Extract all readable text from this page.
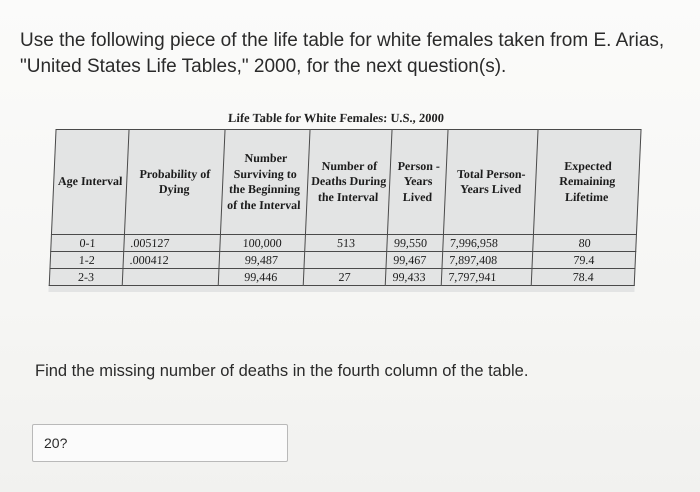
Use the following piece of the life table for white females taken from E. Arias, "United States Life Tables," 2000, for the next question(s).
Life Table for White Females: U.S., 2000
Age Interval	Probability of Dying	Number Surviving to the Beginning of the Interval	Number of Deaths During the Interval	Person -Years Lived	Total Person-Years Lived	Expected Remaining Lifetime
0-1	.005127	100,000	513	99,550	7,996,958	80
1-2	.000412	99,487		99,467	7,897,408	79.4
2-3		99,446	27	99,433	7,797,941	78.4
Find the missing number of deaths in the fourth column of the table.
20?
